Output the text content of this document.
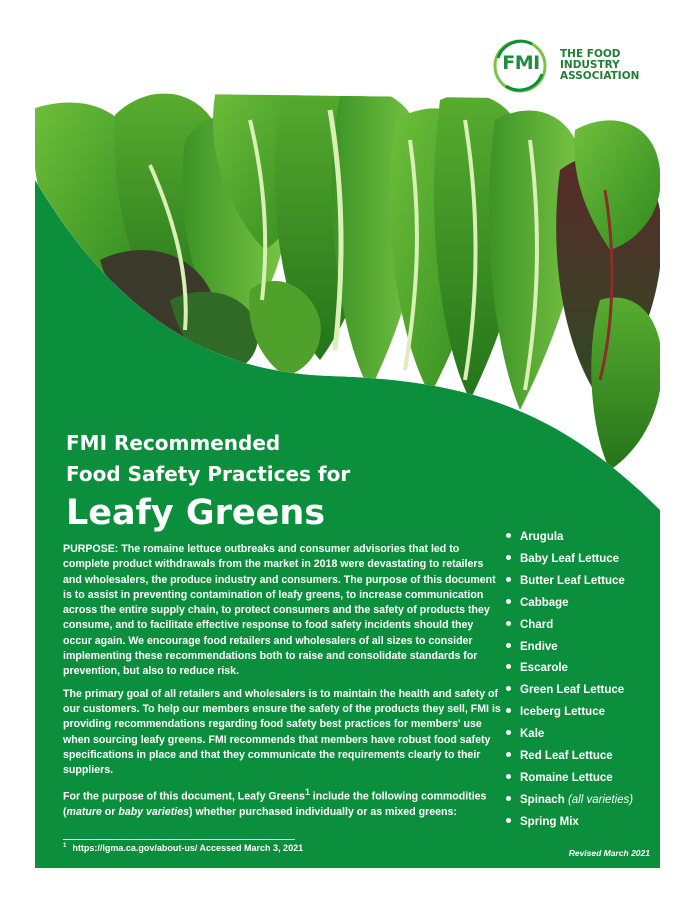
FMI	THE FOOD
INDUSTRY
ASSOCIATION
FMI Recommended
Food Safety Practices for
Leafy Greens

PURPOSE: The romaine lettuce outbreaks and consumer advisories that led to complete product withdrawals from the market in 2018 were devastating to retailers and wholesalers, the produce industry and consumers. The purpose of this document is to assist in preventing contamination of leafy greens, to increase communication across the entire supply chain, to protect consumers and the safety of products they consume, and to facilitate effective response to food safety incidents should they occur again. We encourage food retailers and wholesalers of all sizes to consider implementing these recommendations both to raise and consolidate standards for prevention, but also to reduce risk.

The primary goal of all retailers and wholesalers is to maintain the health and safety of our customers. To help our members ensure the safety of the products they sell, FMI is providing recommendations regarding food safety best practices for members' use when sourcing leafy greens. FMI recommends that members have robust food safety specifications in place and that they communicate the requirements clearly to their suppliers.

For the purpose of this document, Leafy Greens$^1$ include the following commodities (mature or baby varieties) whether purchased individually or as mixed greens:

Arugula
Baby Leaf Lettuce
Butter Leaf Lettuce
Cabbage
Chard
Endive
Escarole
Green Leaf Lettuce
Iceberg Lettuce
Kale
Red Leaf Lettuce
Romaine Lettuce
Spinach (all varieties)
Spring Mix
$^1$ https://lgma.ca.gov/about-us/ Accessed March 3, 2021	Revised March 2021
